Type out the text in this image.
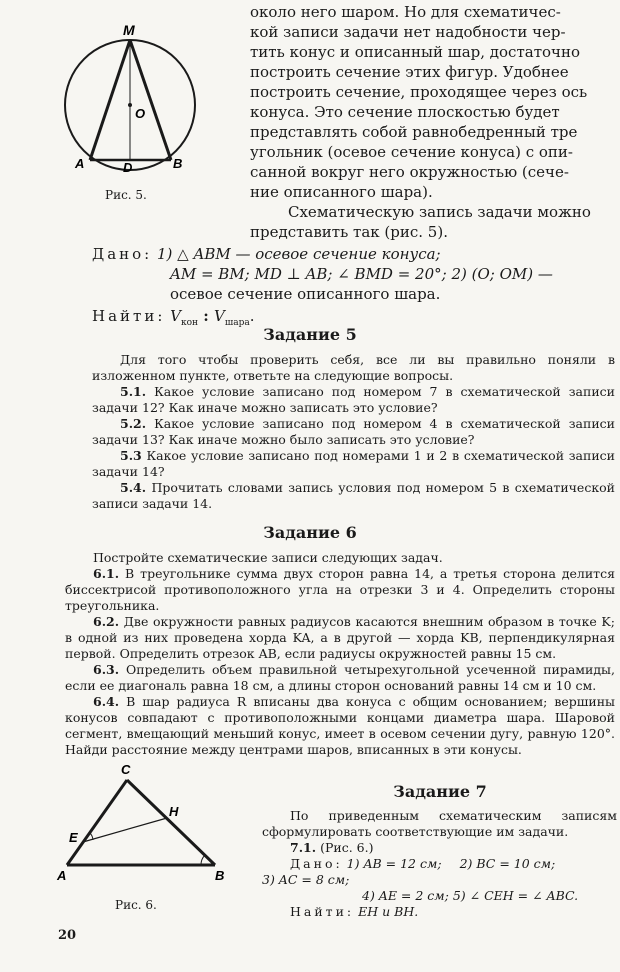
M
O
A	D	B
Рис. 5.
около него шаром. Но для схематичес-
кой записи задачи нет надобности чер-
тить конус и описанный шар, достаточно
построить сечение этих фигур. Удобнее
построить сечение, проходящее через ось
конуса. Это сечение плоскостью будет
представлять собой равнобедренный тре
угольник (осевое сечение конуса) с опи-
санной вокруг него окружностью (сече-
ние описанного шара).
Схематическую запись задачи можно
представить так (рис. 5).
Дано: 1) △ ABM — осевое сечение конуса;
AM = BM; MD ⊥ AB; ∠ BMD = 20°; 2) (O; OM) —
осевое сечение описанного шара.
Найти: $V_{кон}$ : $V_{шара}$.
Задание 5

Для того чтобы проверить себя, все ли вы правильно поняли в изложенном пункте, ответьте на следующие вопросы.

5.1. Какое условие записано под номером 7 в схематической записи задачи 12? Как иначе можно записать это условие?

5.2. Какое условие записано под номером 4 в схематической записи задачи 13? Как иначе можно было записать это условие?

5.3 Какое условие записано под номерами 1 и 2 в схематической записи задачи 14?

5.4. Прочитать словами запись условия под номером 5 в схематической записи задачи 14.

Задание 6

Постройте схематические записи следующих задач.

6.1. В треугольнике сумма двух сторон равна 14, а третья сторона делится биссектрисой противоположного угла на отрезки 3 и 4. Определить стороны треугольника.

6.2. Две окружности равных радиусов касаются внешним образом в точке K; в одной из них проведена хорда KA, а в другой — хорда KB, перпендикулярная первой. Определить отрезок AB, если радиусы окружностей равны 15 см.

6.3. Определить объем правильной четырехугольной усеченной пирамиды, если ее диагональ равна 18 см, а длины сторон оснований равны 14 см и 10 см.

6.4. В шар радиуса R вписаны два конуса с общим основанием; вершины конусов совпадают с противоположными концами диаметра шара. Шаровой сегмент, вмещающий меньший конус, имеет в осевом сечении дугу, равную 120°. Найди расстояние между центрами шаров, вписанных в эти конусы.

C
H
E
A	B
Рис. 6.
Задание 7

По приведенным схематическим записям сформулировать соответствующие им задачи.

7.1. (Рис. 6.)

Дано: 1) AB = 12 см; 2) BC = 10 см;

3) AC = 8 см;

4) AE = 2 см; 5) ∠ CEH = ∠ ABC.

Найти: EH и BH.

20
